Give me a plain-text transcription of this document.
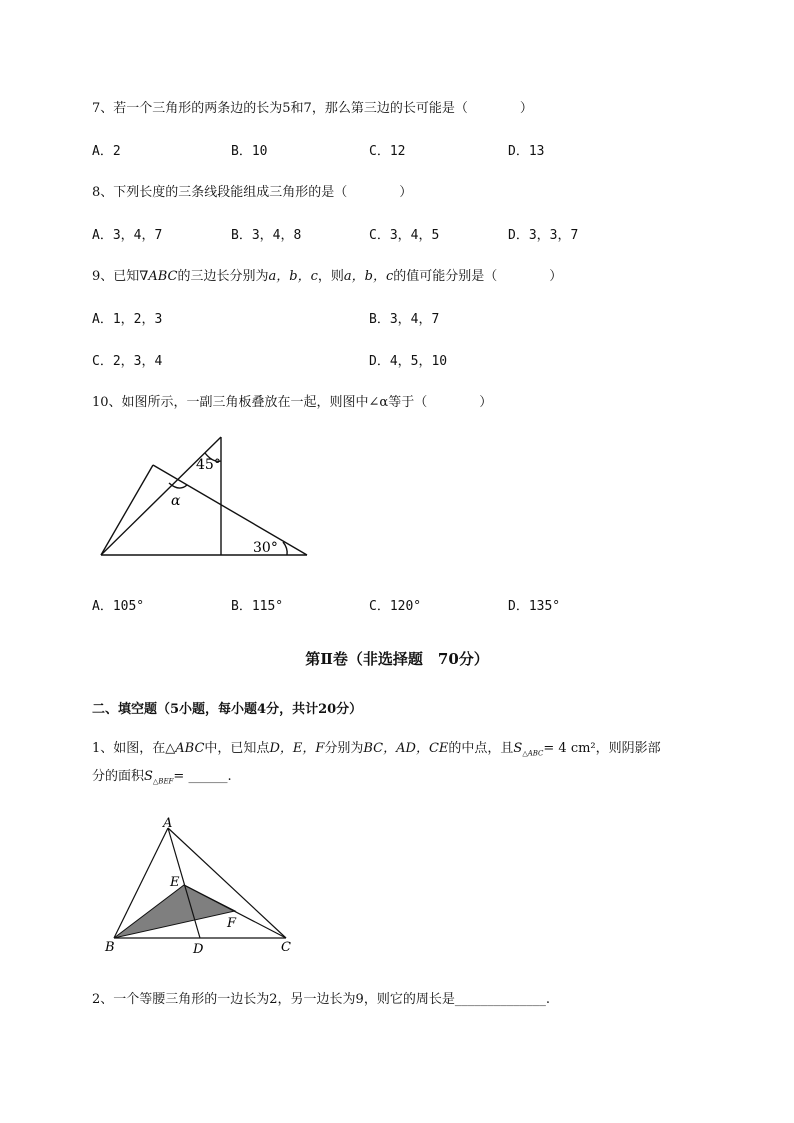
7、若一个三角形的两条边的长为5和7，那么第三边的长可能是（　　　　）
A．2	B．10	C．12	D．13
8、下列长度的三条线段能组成三角形的是（　　　　）
A．3，4，7	B．3，4，8	C．3，4，5	D．3，3，7
9、已知∇ABC的三边长分别为a，b，c，则a，b，c的值可能分别是（　　　　）
A．1，2，3	B．3，4，7
C．2，3，4	D．4，5，10
10、如图所示，一副三角板叠放在一起，则图中∠α等于（　　　　）
45°
α
30°
A．105°	B．115°	C．120°	D．135°
第Ⅱ卷（非选择题　70分）
二、填空题（5小题，每小题4分，共计20分）
1、如图，在△ABC中，已知点D，E，F分别为BC，AD，CE的中点，且$S_{\triangle ABC}= 4$ cm²，则阴影部
分的面积$S_{\triangle BEF}=$ ______.
A
B	C
D
E
F
2、一个等腰三角形的一边长为2，另一边长为9，则它的周长是______________.
